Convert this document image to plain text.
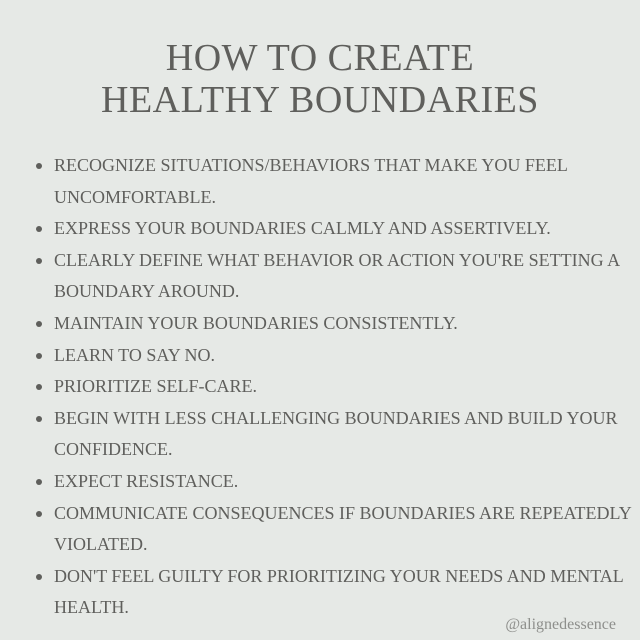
HOW TO CREATE
HEALTHY BOUNDARIES
RECOGNIZE SITUATIONS/BEHAVIORS THAT MAKE YOU FEEL UNCOMFORTABLE.
EXPRESS YOUR BOUNDARIES CALMLY AND ASSERTIVELY.
CLEARLY DEFINE WHAT BEHAVIOR OR ACTION YOU'RE SETTING A BOUNDARY AROUND.
MAINTAIN YOUR BOUNDARIES CONSISTENTLY.
LEARN TO SAY NO.
PRIORITIZE SELF-CARE.
BEGIN WITH LESS CHALLENGING BOUNDARIES AND BUILD YOUR CONFIDENCE.
EXPECT RESISTANCE.
COMMUNICATE CONSEQUENCES IF BOUNDARIES ARE REPEATEDLY VIOLATED.
DON'T FEEL GUILTY FOR PRIORITIZING YOUR NEEDS AND MENTAL HEALTH.
@alignedessence
